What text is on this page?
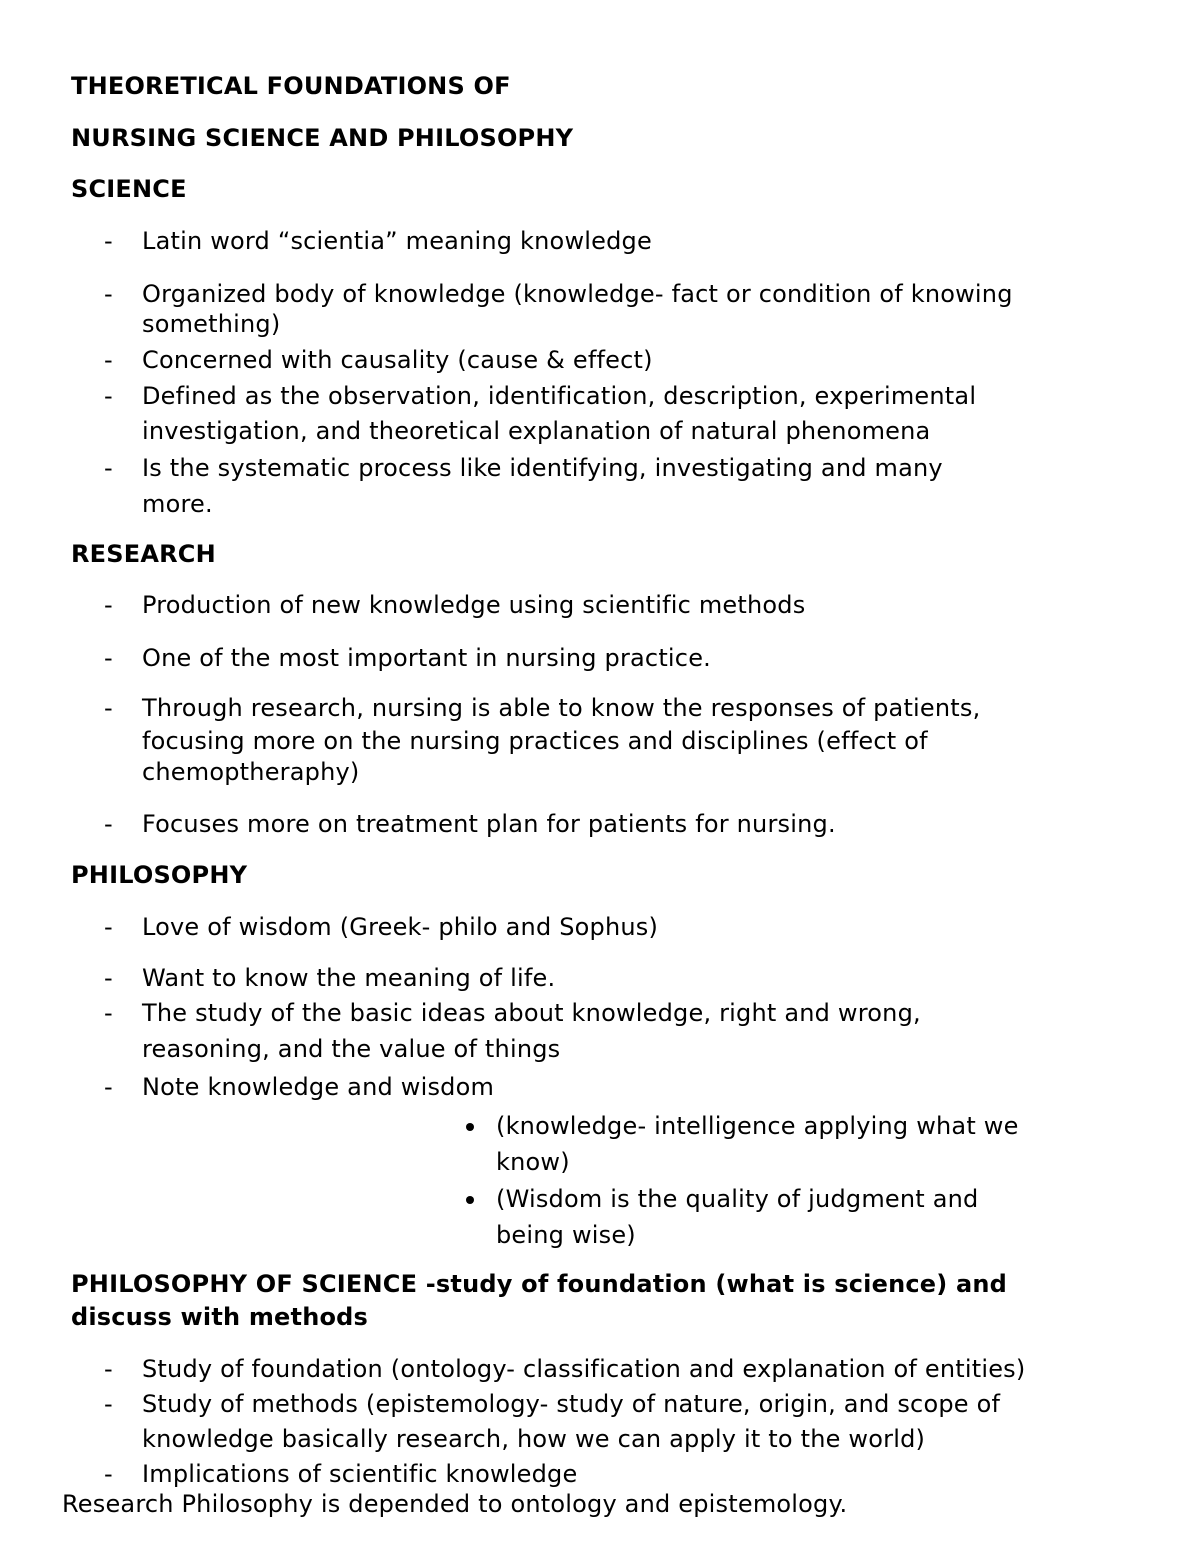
THEORETICAL FOUNDATIONS OF
NURSING SCIENCE AND PHILOSOPHY
SCIENCE
- Latin word “scientia” meaning knowledge
- Organized body of knowledge (knowledge- fact or condition of knowing
something)
- Concerned with causality (cause & effect)
- Defined as the observation, identification, description, experimental
investigation, and theoretical explanation of natural phenomena
- Is the systematic process like identifying, investigating and many
more.
RESEARCH
- Production of new knowledge using scientific methods
- One of the most important in nursing practice.
- Through research, nursing is able to know the responses of patients,
focusing more on the nursing practices and disciplines (effect of
chemoptheraphy)
- Focuses more on treatment plan for patients for nursing.
PHILOSOPHY
- Love of wisdom (Greek- philo and Sophus)
- Want to know the meaning of life.
- The study of the basic ideas about knowledge, right and wrong,
reasoning, and the value of things
- Note knowledge and wisdom
(knowledge- intelligence applying what we
know)
(Wisdom is the quality of judgment and
being wise)
PHILOSOPHY OF SCIENCE -study of foundation (what is science) and
discuss with methods
- Study of foundation (ontology- classification and explanation of entities)
- Study of methods (epistemology- study of nature, origin, and scope of
knowledge basically research, how we can apply it to the world)
- Implications of scientific knowledge
Research Philosophy is depended to ontology and epistemology.
